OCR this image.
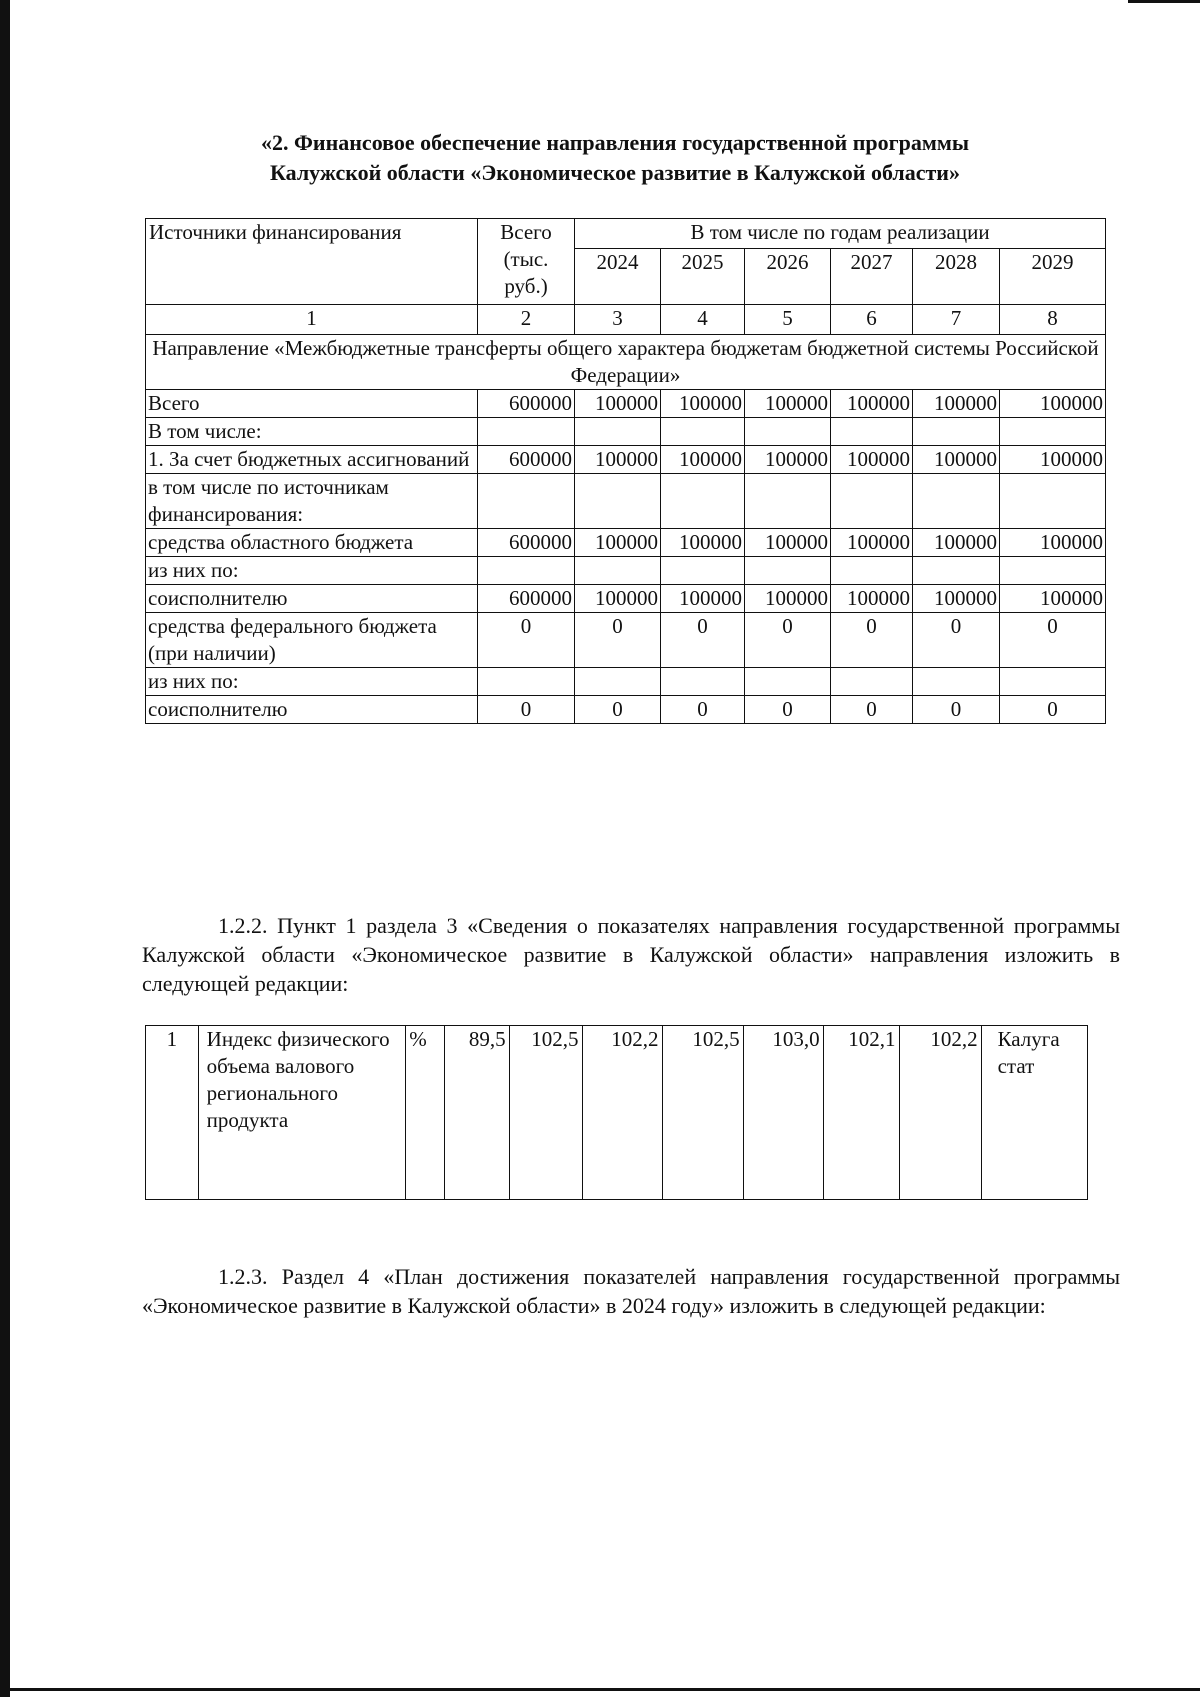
«2. Финансовое обеспечение направления государственной программы
Калужской области «Экономическое развитие в Калужской области»
Источники финансирования	Всего (тыс. руб.)	В том числе по годам реализации					
		2024	2025	2026	2027	2028	2029
1	2	3	4	5	6	7	8
Направление «Межбюджетные трансферты общего характера бюджетам бюджетной системы Российской Федерации»							
Всего	600000	100000	100000	100000	100000	100000	100000
В том числе:							
1. За счет бюджетных ассигнований	600000	100000	100000	100000	100000	100000	100000
в том числе по источникам финансирования:							
средства областного бюджета	600000	100000	100000	100000	100000	100000	100000
из них по:							
соисполнителю	600000	100000	100000	100000	100000	100000	100000
средства федерального бюджета (при наличии)	0	0	0	0	0	0	0
из них по:							
соисполнителю	0	0	0	0	0	0	0
1.2.2. Пункт 1 раздела 3 «Сведения о показателях направления государственной программы Калужской области «Экономическое развитие в Калужской области» направления изложить в следующей редакции:
1	Индекс физического объема валового регионального продукта	%	89,5	102,5	102,2	102,5	103,0	102,1	102,2	Калуга стат
1.2.3. Раздел 4 «План достижения показателей направления государственной программы «Экономическое развитие в Калужской области» в 2024 году» изложить в следующей редакции:
